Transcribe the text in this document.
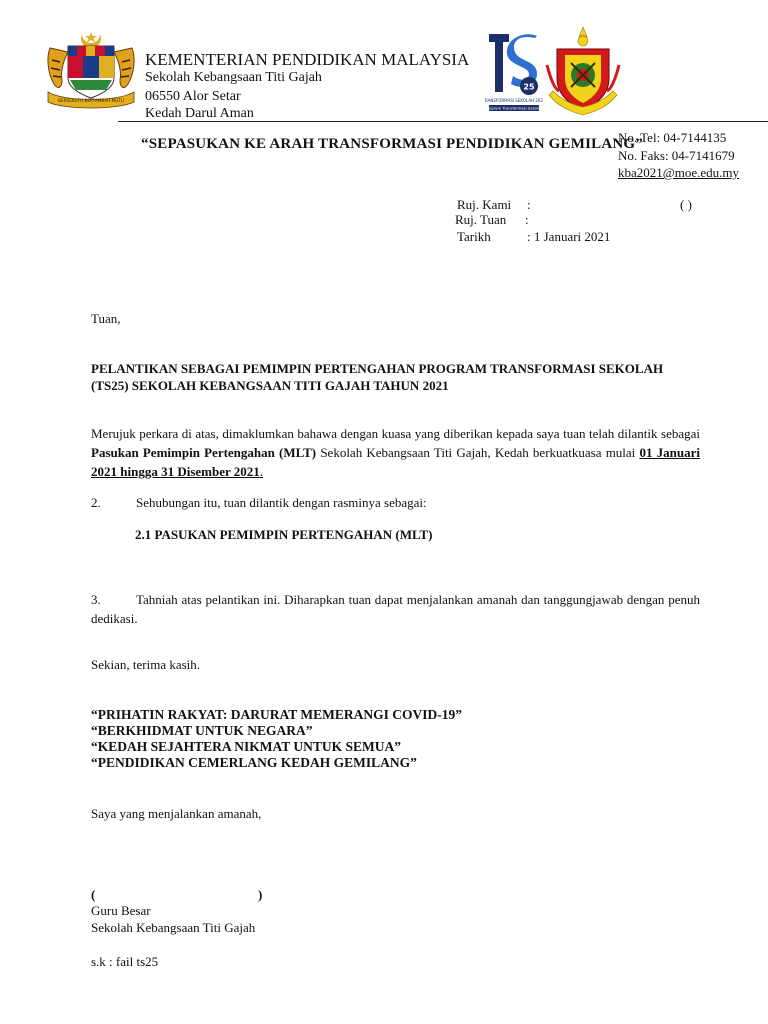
BERSEKUTU BERTAMBAH MUTU
KEMENTERIAN PENDIDIKAN MALAYSIA
Sekolah Kebangsaan Titi Gajah
06550 Alor Setar
Kedah Darul Aman
25
TRANSFORMASI SEKOLAH 2025
Program Transformasi Sekolah
“SEPASUKAN KE ARAH TRANSFORMASI PENDIDIKAN GEMILANG”
No. Tel: 04-7144135
No. Faks: 04-7141679
kba2021@moe.edu.my
Ruj. Kami :	( )
Ruj. Tuan :
Tarikh	: 1 Januari 2021
Tuan,
PELANTIKAN SEBAGAI PEMIMPIN PERTENGAHAN PROGRAM TRANSFORMASI SEKOLAH (TS25) SEKOLAH KEBANGSAAN TITI GAJAH TAHUN 2021
Merujuk perkara di atas, dimaklumkan bahawa dengan kuasa yang diberikan kepada saya tuan telah dilantik sebagai Pasukan Pemimpin Pertengahan (MLT) Sekolah Kebangsaan Titi Gajah, Kedah berkuatkuasa mulai 01 Januari 2021 hingga 31 Disember 2021.
2.	Sehubungan itu, tuan dilantik dengan rasminya sebagai:
2.1 PASUKAN PEMIMPIN PERTENGAHAN (MLT)
3.	Tahniah atas pelantikan ini. Diharapkan tuan dapat menjalankan amanah dan tanggungjawab dengan penuh dedikasi.
Sekian, terima kasih.
“PRIHATIN RAKYAT: DARURAT MEMERANGI COVID-19”
“BERKHIDMAT UNTUK NEGARA”
“KEDAH SEJAHTERA NIKMAT UNTUK SEMUA”
“PENDIDIKAN CEMERLANG KEDAH GEMILANG”
Saya yang menjalankan amanah,
(	)
Guru Besar
Sekolah Kebangsaan Titi Gajah
s.k : fail ts25
